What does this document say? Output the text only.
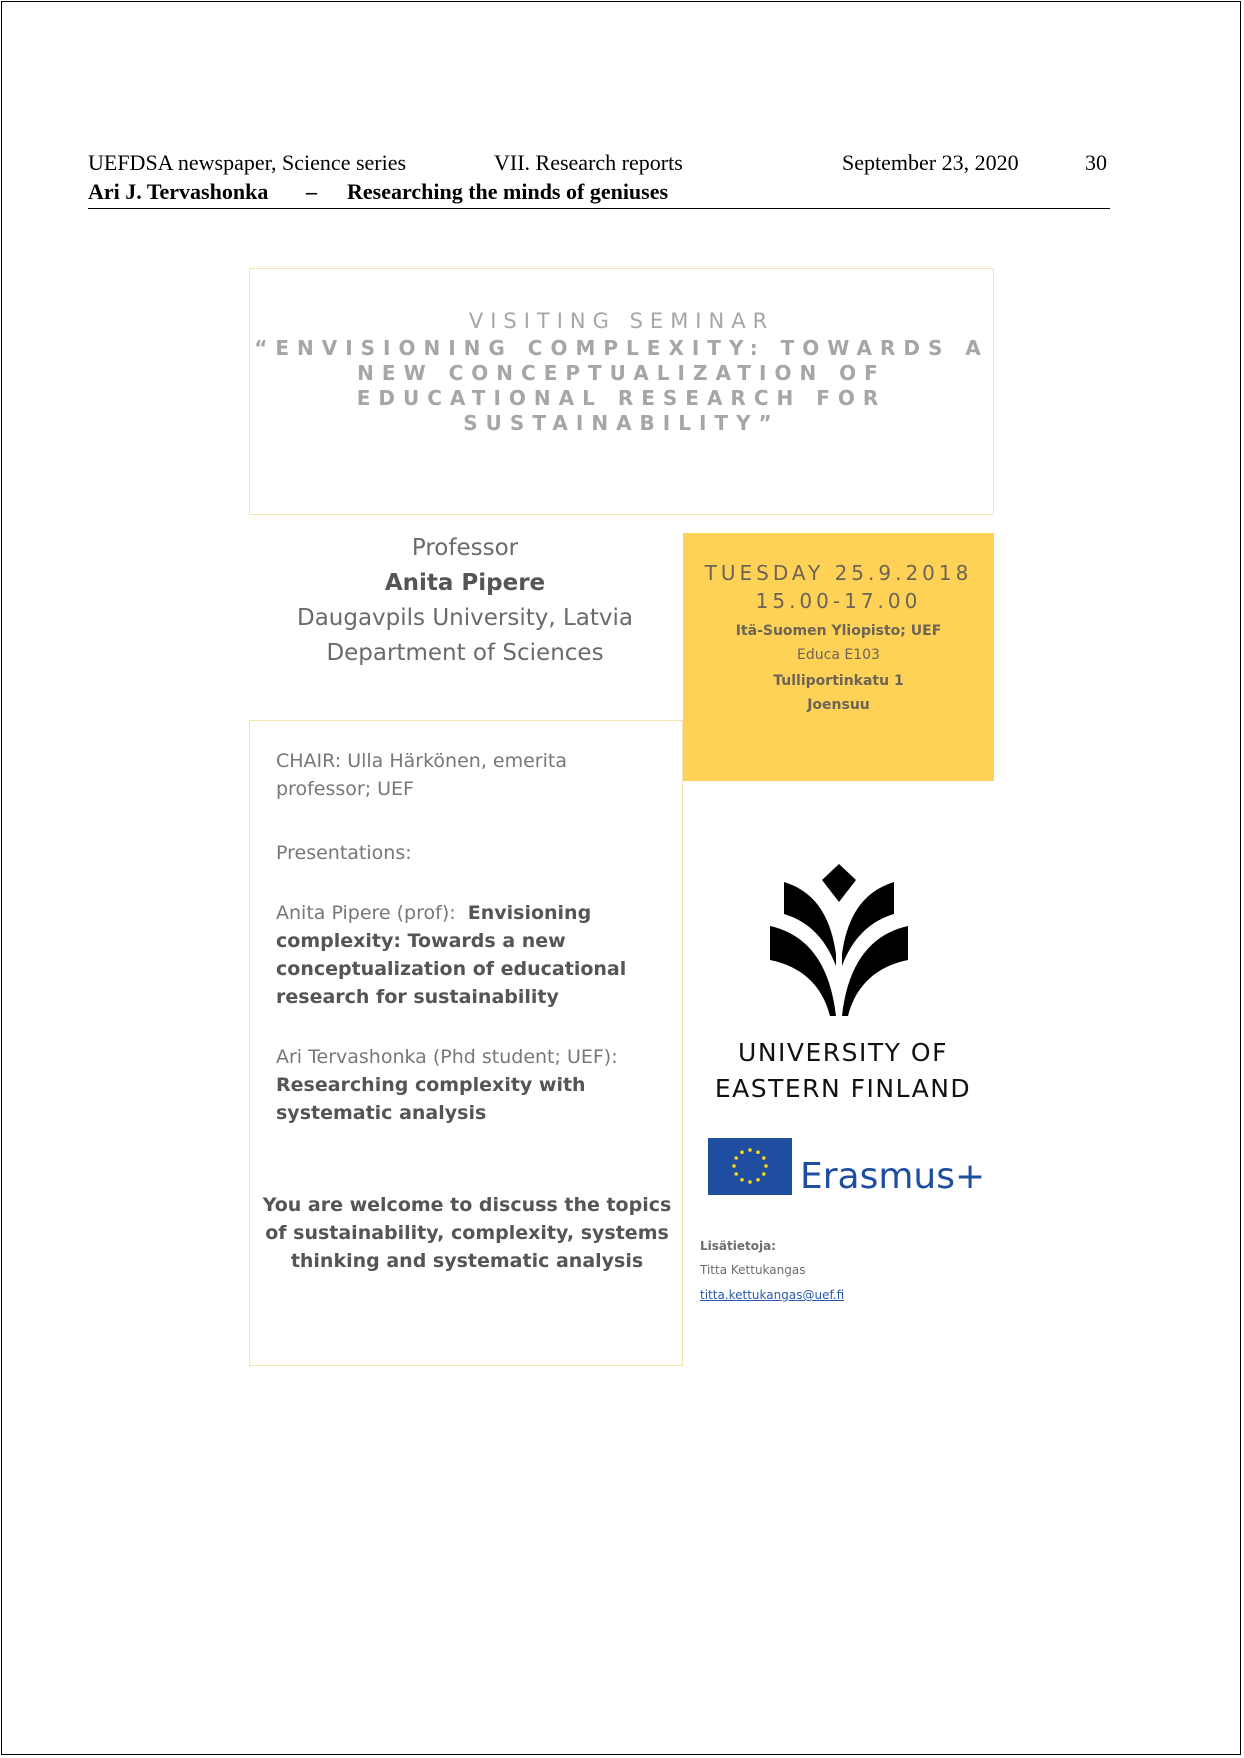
UEFDSA newspaper, Science series	VII. Research reports	September 23, 2020	30
Ari J. Tervashonka – Researching the minds of geniuses
VISITING SEMINAR
“ENVISIONING COMPLEXITY: TOWARDS A
NEW CONCEPTUALIZATION OF
EDUCATIONAL RESEARCH FOR
SUSTAINABILITY”
Professor
Anita Pipere
Daugavpils University, Latvia
Department of Sciences
TUESDAY 25.9.2018
15.00-17.00
Itä-Suomen Yliopisto; UEF
Educa E103
Tulliportinkatu 1
Joensuu
CHAIR: Ulla Härkönen, emerita
professor; UEF
Presentations:
Anita Pipere (prof): Envisioning complexity: Towards a new conceptualization of educational research for sustainability
Ari Tervashonka (Phd student; UEF):
Researching complexity with systematic analysis
You are welcome to discuss the topics of sustainability, complexity, systems thinking and systematic analysis
UNIVERSITY OF
EASTERN FINLAND
Erasmus+
Lisätietoja:
Titta Kettukangas
titta.kettukangas@uef.fi
